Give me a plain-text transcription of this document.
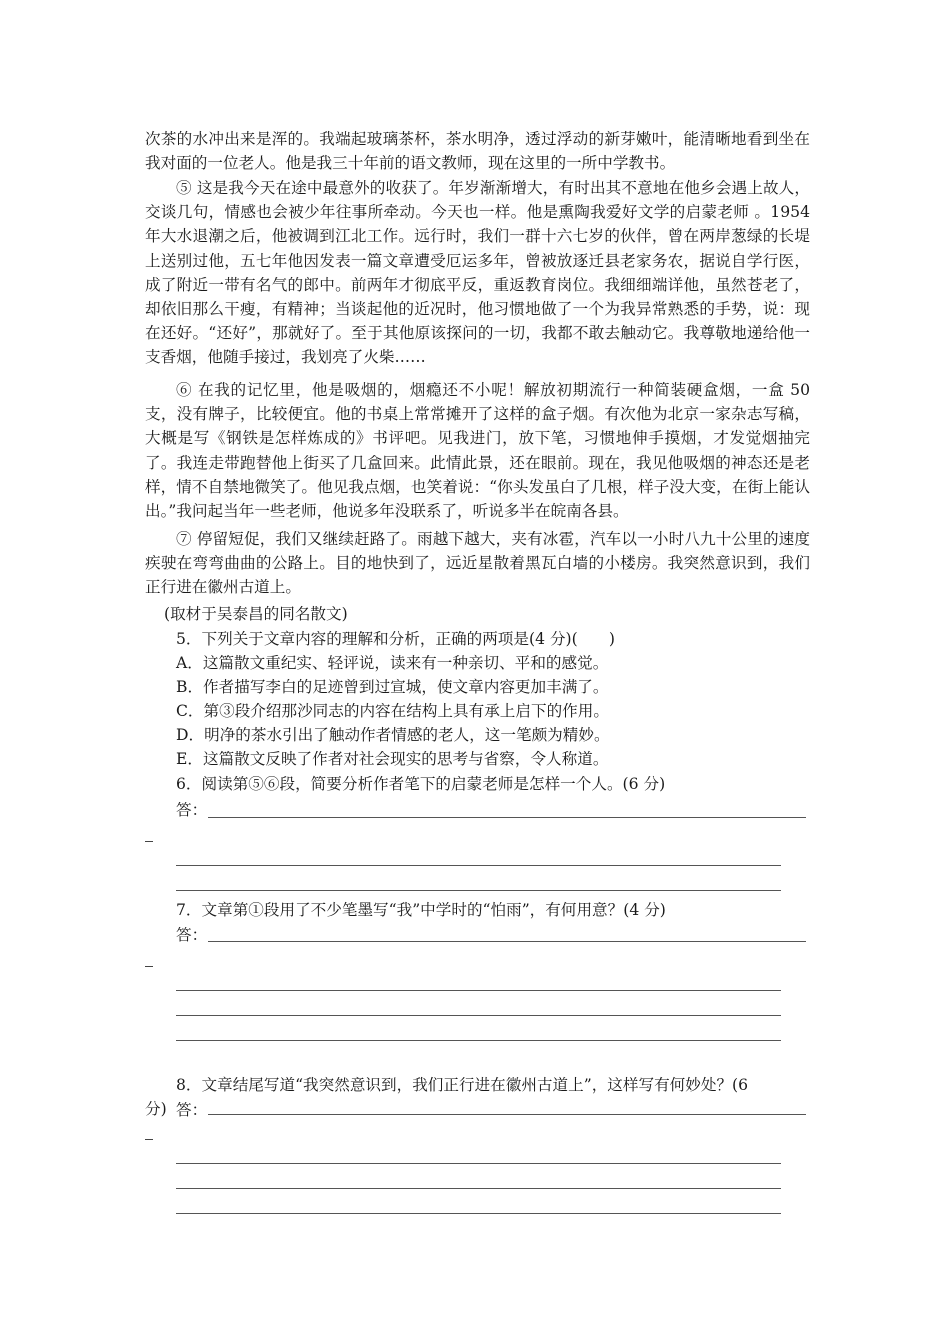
次茶的水冲出来是浑的。我端起玻璃茶杯，茶水明净，透过浮动的新芽嫩叶，能清晰地看到坐在我对面的一位老人。他是我三十年前的语文教师，现在这里的一所中学教书。

⑤ 这是我今天在途中最意外的收获了。年岁渐渐增大，有时出其不意地在他乡会遇上故人，交谈几句，情感也会被少年往事所牵动。今天也一样。他是熏陶我爱好文学的启蒙老师 。1954 年大水退潮之后，他被调到江北工作。远行时，我们一群十六七岁的伙伴，曾在两岸葱绿的长堤上送别过他，五七年他因发表一篇文章遭受厄运多年，曾被放逐迁县老家务农，据说自学行医，成了附近一带有名气的郎中。前两年才彻底平反，重返教育岗位。我细细端详他，虽然苍老了，却依旧那么干瘦，有精神；当谈起他的近况时，他习惯地做了一个为我异常熟悉的手势，说：现在还好。“还好”，那就好了。至于其他原该探问的一切，我都不敢去触动它。我尊敬地递给他一支香烟，他随手接过，我划亮了火柴……

⑥ 在我的记忆里，他是吸烟的，烟瘾还不小呢！解放初期流行一种简装硬盒烟，一盒 50 支，没有牌子，比较便宜。他的书桌上常常摊开了这样的盒子烟。有次他为北京一家杂志写稿，大概是写《钢铁是怎样炼成的》书评吧。见我进门，放下笔，习惯地伸手摸烟，才发觉烟抽完了。我连走带跑替他上街买了几盒回来。此情此景，还在眼前。现在，我见他吸烟的神态还是老样，情不自禁地微笑了。他见我点烟，也笑着说：“你头发虽白了几根，样子没大变，在街上能认出。”我问起当年一些老师，他说多年没联系了，听说多半在皖南各县。

⑦ 停留短促，我们又继续赶路了。雨越下越大，夹有冰雹，汽车以一小时八九十公里的速度疾驶在弯弯曲曲的公路上。目的地快到了，远近星散着黑瓦白墙的小楼房。我突然意识到，我们正行进在徽州古道上。

(取材于吴泰昌的同名散文)
5．下列关于文章内容的理解和分析，正确的两项是(4 分)(　　)
A．这篇散文重纪实、轻评说，读来有一种亲切、平和的感觉。
B．作者描写李白的足迹曾到过宣城，使文章内容更加丰满了。
C．第③段介绍那沙同志的内容在结构上具有承上启下的作用。
D．明净的茶水引出了触动作者情感的老人，这一笔颇为精妙。
E．这篇散文反映了作者对社会现实的思考与省察，令人称道。
6．阅读第⑤⑥段，简要分析作者笔下的启蒙老师是怎样一个人。(6 分)
答：
7．文章第①段用了不少笔墨写“我”中学时的“怕雨”，有何用意？(4 分)
答：
8．文章结尾写道“我突然意识到，我们正行进在徽州古道上”，这样写有何妙处？(6
分) 答：
